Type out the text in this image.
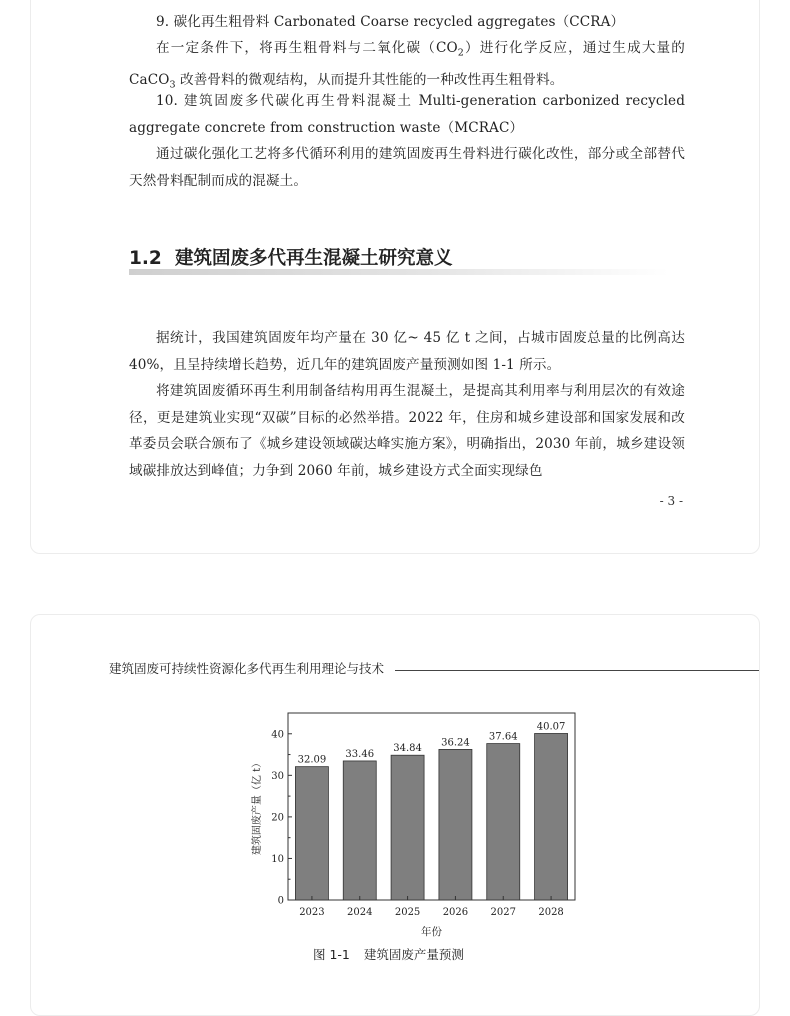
9. 碳化再生粗骨料 Carbonated Coarse recycled aggregates（CCRA）

在一定条件下，将再生粗骨料与二氧化碳$(CO_2)$进行化学反应，通过生成大量的 CaCO$_3$ 改善骨料的微观结构，从而提升其性能的一种改性再生粗骨料。

10. 建筑固废多代碳化再生骨料混凝土 Multi-generation carbonized recycled aggregate concrete from construction waste（MCRAC）

通过碳化强化工艺将多代循环利用的建筑固废再生骨料进行碳化改性，部分或全部替代天然骨料配制而成的混凝土。

1.2 建筑固废多代再生混凝土研究意义

据统计，我国建筑固废年均产量在 30 亿~ 45 亿 t 之间，占城市固废总量的比例高达 40%，且呈持续增长趋势，近几年的建筑固废产量预测如图 1-1 所示。

将建筑固废循环再生利用制备结构用再生混凝土，是提高其利用率与利用层次的有效途径，更是建筑业实现“双碳”目标的必然举措。2022 年，住房和城乡建设部和国家发展和改革委员会联合颁布了《城乡建设领域碳达峰实施方案》，明确指出，2030 年前，城乡建设领域碳排放达到峰值；力争到 2060 年前，城乡建设方式全面实现绿色

- 3 -
建筑固废可持续性资源化多代再生利用理论与技术
0
10
20
30
40
32.09
2023
33.46
2024
34.84
2025
36.24
2026
37.64
2027
40.07
2028
年份
建筑固废产量（亿 t）
图 1-1 建筑固废产量预测
